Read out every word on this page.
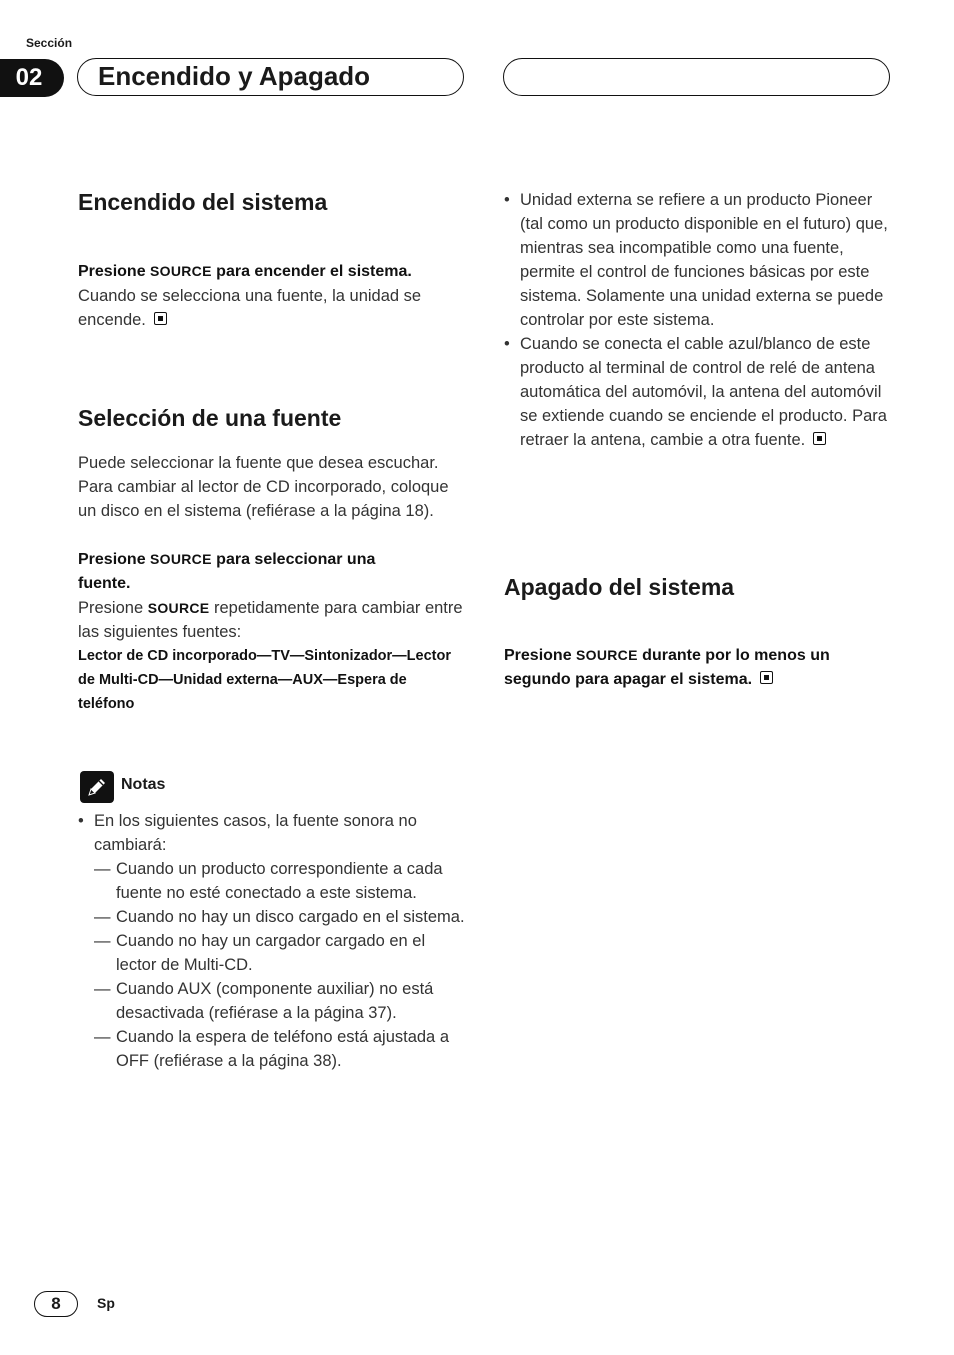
Sección
02	Encendido y Apagado
Encendido del sistema
Presione SOURCE para encender el sistema.
Cuando se selecciona una fuente, la unidad se encende.
Selección de una fuente
Puede seleccionar la fuente que desea escuchar. Para cambiar al lector de CD incorporado, coloque un disco en el sistema (refiérase a la página 18).
Presione SOURCE para seleccionar una fuente.
Presione SOURCE repetidamente para cambiar entre las siguientes fuentes:
Lector de CD incorporado—TV—Sintonizador—Lector de Multi-CD—Unidad externa—AUX—Espera de teléfono
Notas
• En los siguientes casos, la fuente sonora no cambiará:
— Cuando un producto correspondiente a cada fuente no esté conectado a este sistema.
— Cuando no hay un disco cargado en el sistema.
— Cuando no hay un cargador cargado en el lector de Multi-CD.
— Cuando AUX (componente auxiliar) no está desactivada (refiérase a la página 37).
— Cuando la espera de teléfono está ajustada a OFF (refiérase a la página 38).
• Unidad externa se refiere a un producto Pioneer (tal como un producto disponible en el futuro) que, mientras sea incompatible como una fuente, permite el control de funciones básicas por este sistema. Solamente una unidad externa se puede controlar por este sistema.
• Cuando se conecta el cable azul/blanco de este producto al terminal de control de relé de antena automática del automóvil, la antena del automóvil se extiende cuando se enciende el producto. Para retraer la antena, cambie a otra fuente.
Apagado del sistema
Presione SOURCE durante por lo menos un segundo para apagar el sistema.
8	Sp
